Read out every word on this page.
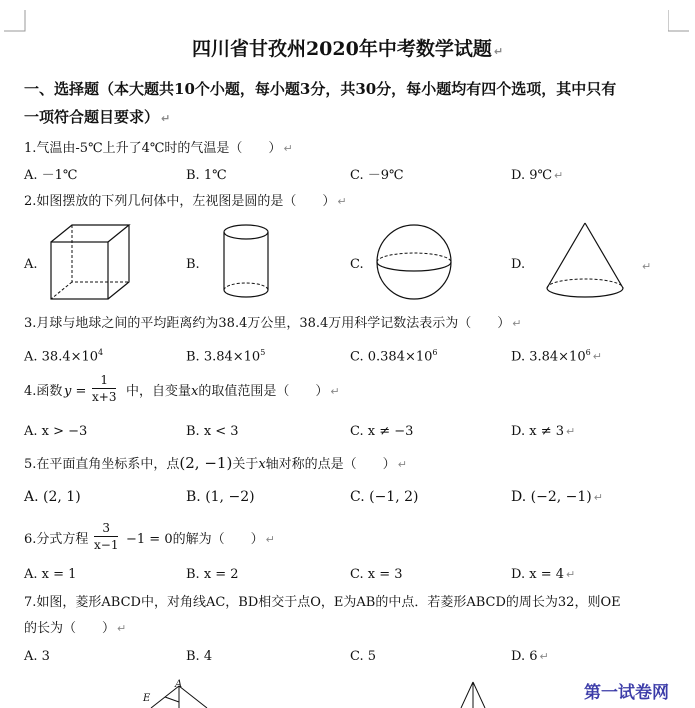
四川省甘孜州2020年中考数学试题 ↵
一、选择题（本大题共10个小题，每小题3分，共30分，每小题均有四个选项，其中只有
一项符合题目要求） ↵
1.气温由-5℃上升了4℃时的气温是（　　） ↵
A. －1℃	B. 1℃	C. －9℃	D. 9℃ ↵
2.如图摆放的下列几何体中，左视图是圆的是（　　） ↵
A.	B.	C.	D.	↵
3.月球与地球之间的平均距离约为38.4万公里，38.4万用科学记数法表示为（　　） ↵
A. $38.4\times 10^4$	B. $3.84\times 10^5$	C. $0.384\times 10^6$	D. $3.84\times 10^6$ ↵
4.函数 y =
1
x+3 中，自变量x的取值范围是（　　） ↵
A. x > −3	B. x < 3	C. x ≠ −3	D. x ≠ 3 ↵
5.在平面直角坐标系中，点(2, −1)关于x轴对称的点是（　　） ↵
A. (2, 1)	B. (1, −2)	C. (−1, 2)	D. (−2, −1) ↵
6.分式方程
3
x−1 −1 = 0的解为（　　） ↵
A. x = 1	B. x = 2	C. x = 3	D. x = 4 ↵
7.如图，菱形ABCD中，对角线AC，BD相交于点O，E为AB的中点．若菱形ABCD的周长为32，则OE
的长为（　　） ↵
A. 3	B. 4	C. 5	D. 6 ↵
E
A	第一试卷网
